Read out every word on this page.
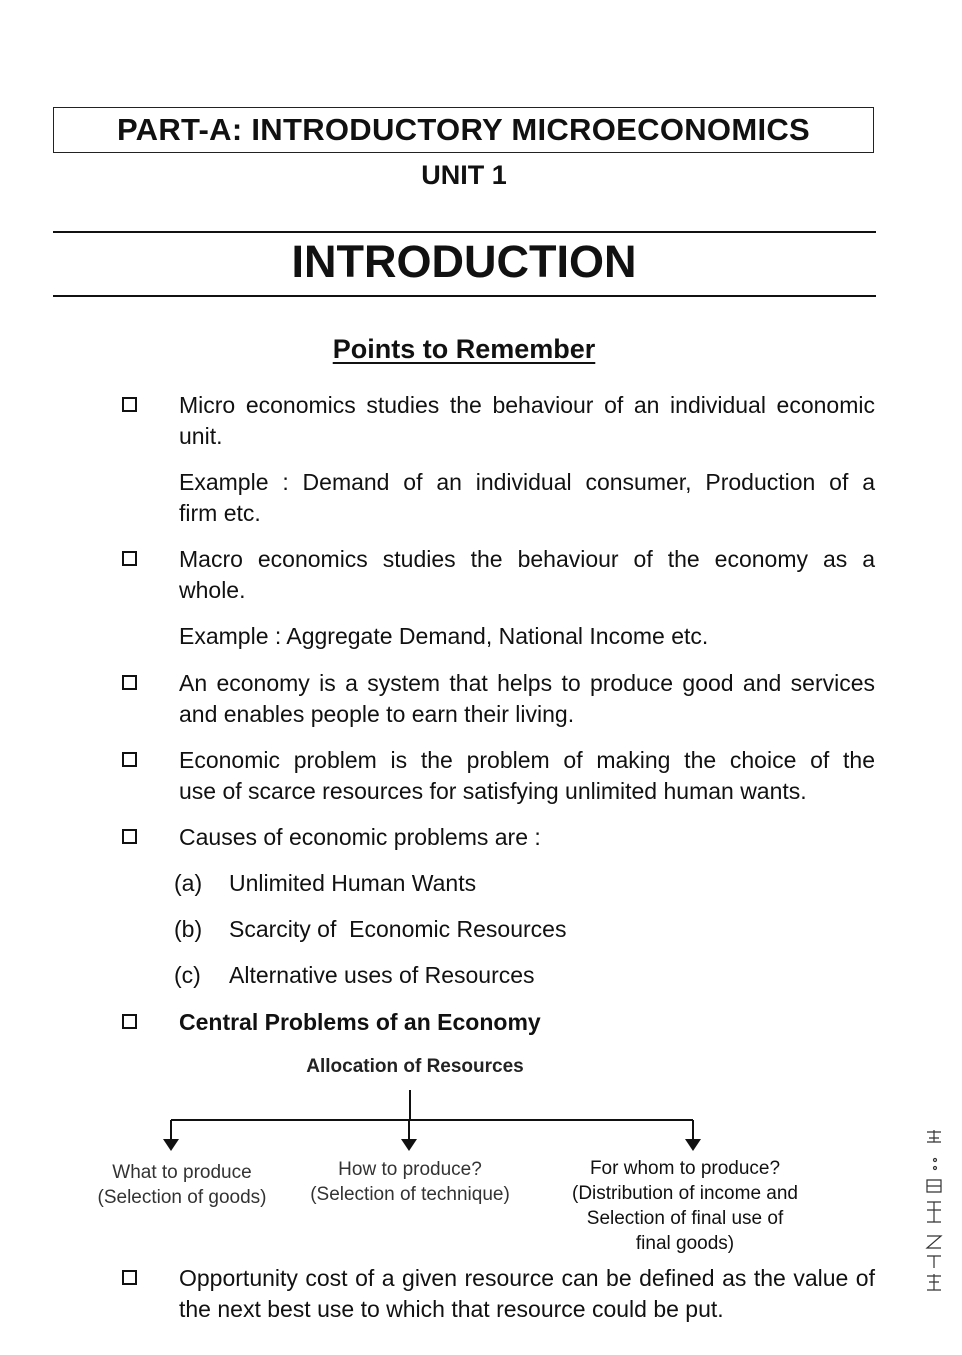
PART-A: INTRODUCTORY MICROECONOMICS
UNIT 1
INTRODUCTION
Points to Remember
Micro economics studies the behaviour of an individual economic
unit.
Example : Demand of an individual consumer, Production of a
firm etc.
Macro economics studies the behaviour of the economy as a
whole.
Example : Aggregate Demand, National Income etc.
An economy is a system that helps to produce good and services
and enables people to earn their living.
Economic problem is the problem of making the choice of the
use of scarce resources for satisfying unlimited human wants.
Causes of economic problems are :
(a) Unlimited Human Wants
(b) Scarcity of  Economic Resources
(c) Alternative uses of Resources
Central Problems of an Economy
Allocation of Resources
What to produce
(Selection of goods)
How to produce?
(Selection of technique)
For whom to produce?
(Distribution of income and
Selection of final use of
final goods)
Opportunity cost of a given resource can be defined as the value of
the next best use to which that resource could be put.
